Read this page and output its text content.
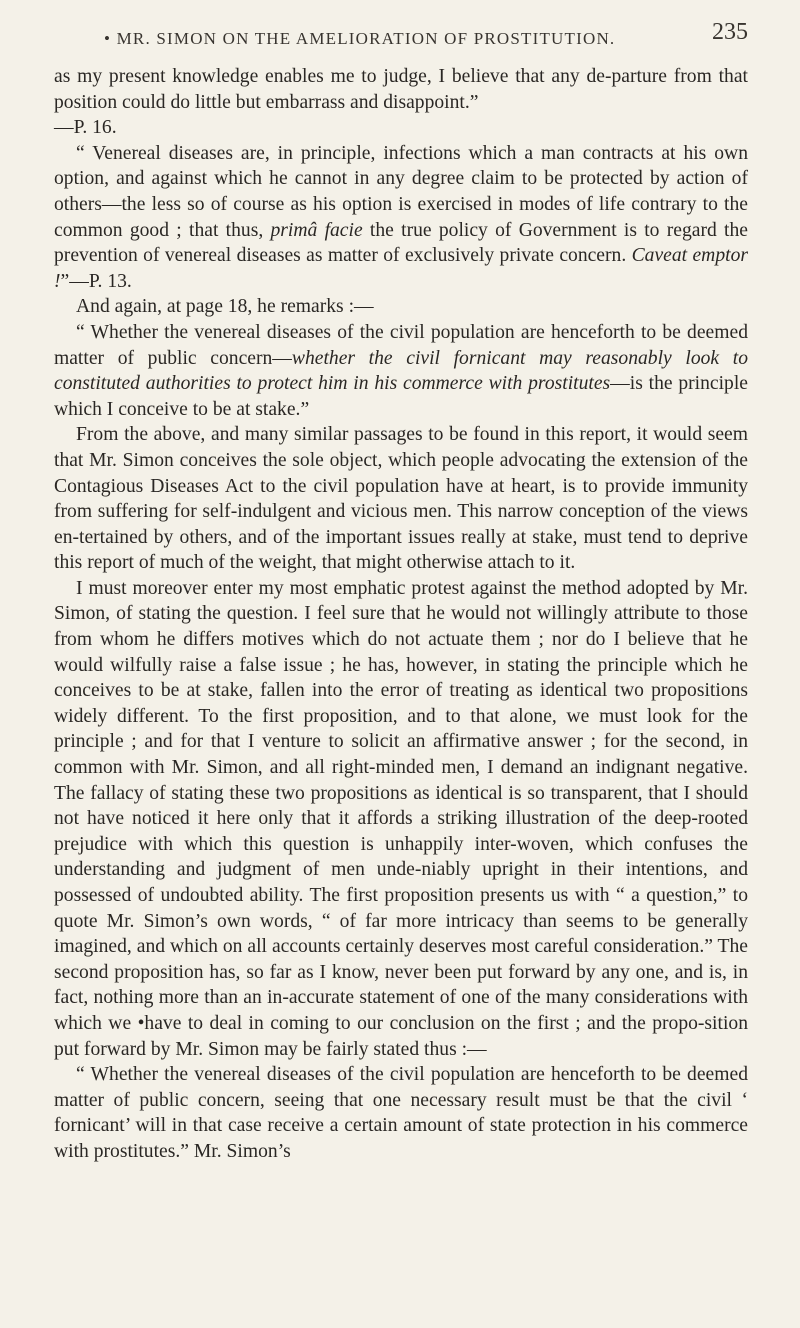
• MR. SIMON ON THE AMELIORATION OF PROSTITUTION.	235

as my present knowledge enables me to judge, I believe that any de-parture from that position could do little but embarrass and disappoint.”

—P. 16.

“ Venereal diseases are, in principle, infections which a man contracts at his own option, and against which he cannot in any degree claim to be protected by action of others—the less so of course as his option is exercised in modes of life contrary to the common good ; that thus, primâ facie the true policy of Government is to regard the prevention of venereal diseases as matter of exclusively private concern. Caveat emptor !”—P. 13.

And again, at page 18, he remarks :—

“ Whether the venereal diseases of the civil population are henceforth to be deemed matter of public concern—whether the civil fornicant may reasonably look to constituted authorities to protect him in his commerce with prostitutes—is the principle which I conceive to be at stake.”

From the above, and many similar passages to be found in this report, it would seem that Mr. Simon conceives the sole object, which people advocating the extension of the Contagious Diseases Act to the civil population have at heart, is to provide immunity from suffering for self-indulgent and vicious men. This narrow conception of the views en-tertained by others, and of the important issues really at stake, must tend to deprive this report of much of the weight, that might otherwise attach to it.

I must moreover enter my most emphatic protest against the method adopted by Mr. Simon, of stating the question. I feel sure that he would not willingly attribute to those from whom he differs motives which do not actuate them ; nor do I believe that he would wilfully raise a false issue ; he has, however, in stating the principle which he conceives to be at stake, fallen into the error of treating as identical two propositions widely different. To the first proposition, and to that alone, we must look for the principle ; and for that I venture to solicit an affirmative answer ; for the second, in common with Mr. Simon, and all right-minded men, I demand an indignant negative. The fallacy of stating these two propositions as identical is so transparent, that I should not have noticed it here only that it affords a striking illustration of the deep-rooted prejudice with which this question is unhappily inter-woven, which confuses the understanding and judgment of men unde-niably upright in their intentions, and possessed of undoubted ability. The first proposition presents us with “ a question,” to quote Mr. Simon’s own words, “ of far more intricacy than seems to be generally imagined, and which on all accounts certainly deserves most careful consideration.” The second proposition has, so far as I know, never been put forward by any one, and is, in fact, nothing more than an in-accurate statement of one of the many considerations with which we •have to deal in coming to our conclusion on the first ; and the propo-sition put forward by Mr. Simon may be fairly stated thus :—

“ Whether the venereal diseases of the civil population are henceforth to be deemed matter of public concern, seeing that one necessary result must be that the civil ‘ fornicant’ will in that case receive a certain amount of state protection in his commerce with prostitutes.” Mr. Simon’s
